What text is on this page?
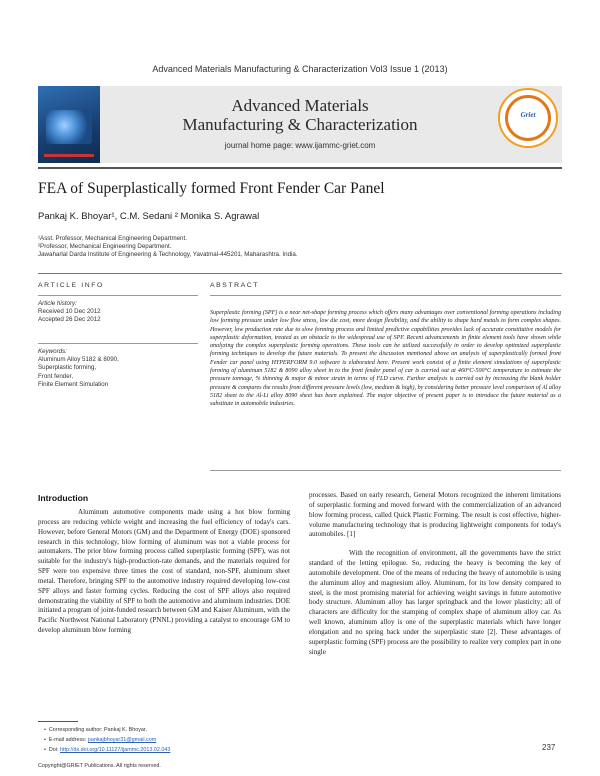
Advanced Materials Manufacturing & Characterization Vol3 Issue 1 (2013)
Advanced Materials
Manufacturing & Characterization
journal home page: www.ijammc-griet.com
Griet
FEA of Superplastically formed Front Fender Car Panel
Pankaj K. Bhoyar¹, C.M. Sedani ² Monika S. Agrawal
¹Asst. Professor, Mechanical Engineering Department.
²Professor, Mechanical Engineering Department.
Jawaharlal Darda Institute of Engineering & Technology, Yavatmal-445201, Maharashtra. India.
ARTICLE INFO
Article history:
Received 10 Dec 2012
Accepted 26 Dec 2012
Keywords:
Aluminum Alloy 5182 & 8090,
Superplastic forming,
Front fender,
Finite Element Simulation
ABSTRACT
Superplastic forming (SPF) is a near net-shape forming process which offers many advantages over conventional forming operations including low forming pressure under low flow stress, low die cost, more design flexibility, and the ability to shape hard metals to form complex shapes. However, low production rate due to slow forming process and limited predictive capabilities provides lack of accurate constitutive models for superplastic deformation, treated as an obstacle to the widespread use of SPF. Recent advancements in finite element tools have shown while analyzing the complex superplastic forming operations. These tools can be utilized successfully in order to develop optimized superplastic forming techniques to develop the future materials. To present the discussion mentioned above an analysis of superplastically formed front Fender car panel using HYPERFORM 9.0 software is elaborated here. Present work consist of a finite element simulations of superplastic forming of aluminum 5182 & 8090 alloy sheet in to the front fender panel of car is carried out at 460°C-500°C temperature to estimate the pressure tonnage, % thinning & major & minor strain in terms of FLD curve. Further analysis is carried out by increasing the blank holder pressure & compares the results from different pressure levels (low, medium & high), by considering better pressure level comparison of Al alloy 5182 sheet to the Al-Li alloy 8090 sheet has been explained. The major objective of present paper is to introduce the future material as a substitute in automobile industries.
Introduction

Aluminum automotive components made using a hot blow forming process are reducing vehicle weight and increasing the fuel efficiency of today's cars. However, before General Motors (GM) and the Department of Energy (DOE) sponsored research in this technology, blow forming of aluminum was not a viable process for automakers. The prior blow forming process called superplastic forming (SPF), was not suitable for the industry's high-production-rate demands, and the materials required for SPF were too expensive three times the cost of standard, non-SPF, aluminum sheet metal. Therefore, bringing SPF to the automotive industry required developing low-cost SPF alloys and faster forming cycles. Reducing the cost of SPF alloys also required demonstrating the viability of SPF to both the automotive and aluminum industries. DOE initiated a program of joint-funded research between GM and Kaiser Aluminum, with the Pacific Northwest National Laboratory (PNNL) providing a catalyst to encourage GM to develop aluminum blow forming

processes. Based on early research, General Motors recognized the inherent limitations of superplastic forming and moved forward with the commercialization of an advanced blow forming process, called Quick Plastic Forming. The result is cost effective, higher-volume manufacturing technology that is producing lightweight components for today's automobiles. [1]

With the recognition of environment, all the governments have the strict standard of the letting epilogue. So, reducing the heavy is becoming the key of automobile development. One of the means of reducing the heavy of automobile is using the aluminum alloy and magnesium alloy. Aluminum, for its low density compared to steel, is the most promising material for achieving weight savings in future automotive body structure. Aluminum alloy has larger springback and the lower plasticity; all of characters are difficulty for the stamping of complex shape of aluminum alloy car. As well known, aluminum alloy is one of the superplastic materials which have longer elongation and no spring back under the superplastic state [2]. These advantages of superplastic forming (SPF) process are the possibility to realize very complex part in one single

•  Corresponding author: Pankaj K. Bhoyar,
•  E-mail address: pankajbhoyar31@gmail.com
•  Doi: http://dx.doi.org/10.11127/ijammc.2013.02.043	237
Copyright@GRIET Publications. All rights reserved.
